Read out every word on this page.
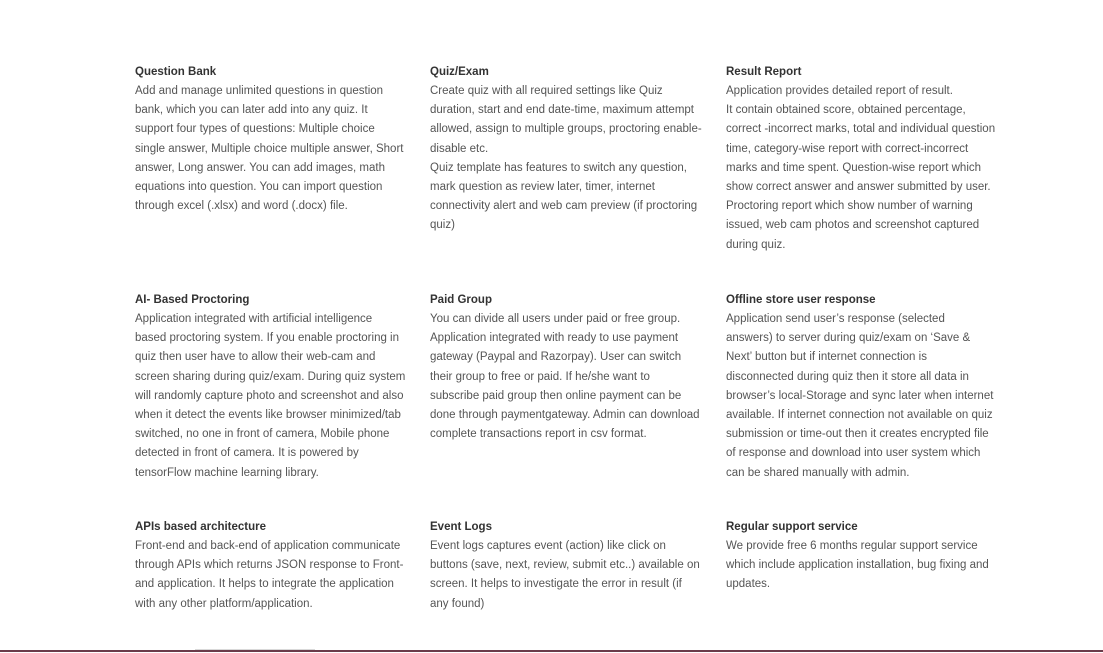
Question Bank

Add and manage unlimited questions in question
bank, which you can later add into any quiz. It
support four types of questions: Multiple choice
single answer, Multiple choice multiple answer, Short
answer, Long answer. You can add images, math
equations into question. You can import question
through excel (.xlsx) and word (.docx) file.

Quiz/Exam

Create quiz with all required settings like Quiz
duration, start and end date-time, maximum attempt
allowed, assign to multiple groups, proctoring enable-
disable etc.
Quiz template has features to switch any question,
mark question as review later, timer, internet
connectivity alert and web cam preview (if proctoring
quiz)

Result Report

Application provides detailed report of result.
It contain obtained score, obtained percentage,
correct -incorrect marks, total and individual question
time, category-wise report with correct-incorrect
marks and time spent. Question-wise report which
show correct answer and answer submitted by user.
Proctoring report which show number of warning
issued, web cam photos and screenshot captured
during quiz.

AI- Based Proctoring

Application integrated with artificial intelligence
based proctoring system. If you enable proctoring in
quiz then user have to allow their web-cam and
screen sharing during quiz/exam. During quiz system
will randomly capture photo and screenshot and also
when it detect the events like browser minimized/tab
switched, no one in front of camera, Mobile phone
detected in front of camera. It is powered by
tensorFlow machine learning library.

Paid Group

You can divide all users under paid or free group.
Application integrated with ready to use payment
gateway (Paypal and Razorpay). User can switch
their group to free or paid. If he/she want to
subscribe paid group then online payment can be
done through paymentgateway. Admin can download
complete transactions report in csv format.

Offline store user response

Application send user’s response (selected
answers) to server during quiz/exam on ‘Save &
Next’ button but if internet connection is
disconnected during quiz then it store all data in
browser’s local-Storage and sync later when internet
available. If internet connection not available on quiz
submission or time-out then it creates encrypted file
of response and download into user system which
can be shared manually with admin.

APIs based architecture

Front-end and back-end of application communicate
through APIs which returns JSON response to Front-
and application. It helps to integrate the application
with any other platform/application.

Event Logs

Event logs captures event (action) like click on
buttons (save, next, review, submit etc..) available on
screen. It helps to investigate the error in result (if
any found)

Regular support service

We provide free 6 months regular support service
which include application installation, bug fixing and
updates.
